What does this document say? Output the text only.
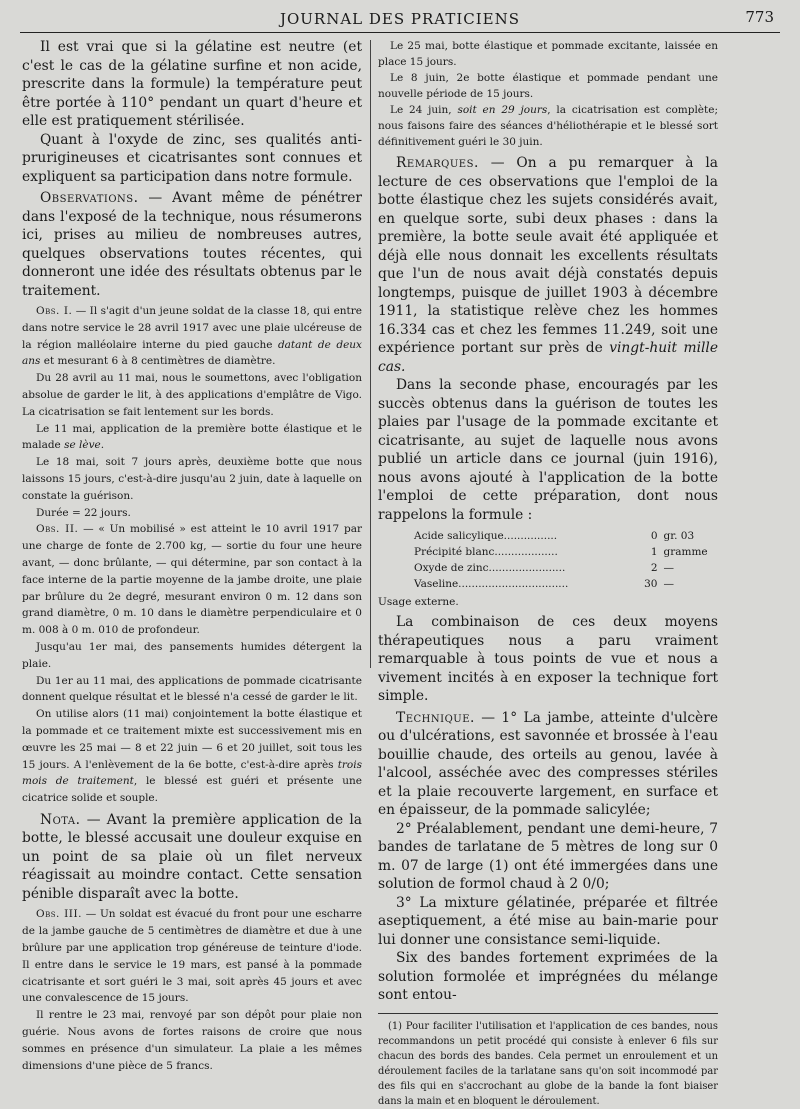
JOURNAL DES PRATICIENS	773

Il est vrai que si la gélatine est neutre (et c'est le cas de la gélatine surfine et non acide, prescrite dans la formule) la température peut être portée à 110° pendant un quart d'heure et elle est pratiquement stérilisée.

Quant à l'oxyde de zinc, ses qualités anti-prurigineuses et cicatrisantes sont connues et expliquent sa participation dans notre formule.

Observations. — Avant même de pénétrer dans l'exposé de la technique, nous résumerons ici, prises au milieu de nombreuses autres, quelques observations toutes récentes, qui donneront une idée des résultats obtenus par le traitement.

Obs. I. — Il s'agit d'un jeune soldat de la classe 18, qui entre dans notre service le 28 avril 1917 avec une plaie ulcéreuse de la région malléolaire interne du pied gauche datant de deux ans et mesurant 6 à 8 centimètres de diamètre.

Du 28 avril au 11 mai, nous le soumettons, avec l'obligation absolue de garder le lit, à des applications d'emplâtre de Vigo. La cicatrisation se fait lentement sur les bords.

Le 11 mai, application de la première botte élastique et le malade se lève.

Le 18 mai, soit 7 jours après, deuxième botte que nous laissons 15 jours, c'est-à-dire jusqu'au 2 juin, date à laquelle on constate la guérison.

Durée = 22 jours.

Obs. II. — « Un mobilisé » est atteint le 10 avril 1917 par une charge de fonte de 2.700 kg, — sortie du four une heure avant, — donc brûlante, — qui détermine, par son contact à la face interne de la partie moyenne de la jambe droite, une plaie par brûlure du 2e degré, mesurant environ 0 m. 12 dans son grand diamètre, 0 m. 10 dans le diamètre perpendiculaire et 0 m. 008 à 0 m. 010 de profondeur.

Jusqu'au 1er mai, des pansements humides détergent la plaie.

Du 1er au 11 mai, des applications de pommade cicatrisante donnent quelque résultat et le blessé n'a cessé de garder le lit.

On utilise alors (11 mai) conjointement la botte élastique et la pommade et ce traitement mixte est successivement mis en œuvre les 25 mai — 8 et 22 juin — 6 et 20 juillet, soit tous les 15 jours. A l'enlèvement de la 6e botte, c'est-à-dire après trois mois de traitement, le blessé est guéri et présente une cicatrice solide et souple.

Nota. — Avant la première application de la botte, le blessé accusait une douleur exquise en un point de sa plaie où un filet nerveux réagissait au moindre contact. Cette sensation pénible disparaît avec la botte.

Obs. III. — Un soldat est évacué du front pour une escharre de la jambe gauche de 5 centimètres de diamètre et due à une brûlure par une application trop généreuse de teinture d'iode. Il entre dans le service le 19 mars, est pansé à la pommade cicatrisante et sort guéri le 3 mai, soit après 45 jours et avec une convalescence de 15 jours.

Il rentre le 23 mai, renvoyé par son dépôt pour plaie non guérie. Nous avons de fortes raisons de croire que nous sommes en présence d'un simulateur. La plaie a les mêmes dimensions d'une pièce de 5 francs.

Le 25 mai, botte élastique et pommade excitante, laissée en place 15 jours.

Le 8 juin, 2e botte élastique et pommade pendant une nouvelle période de 15 jours.

Le 24 juin, soit en 29 jours, la cicatrisation est complète; nous faisons faire des séances d'héliothérapie et le blessé sort définitivement guéri le 30 juin.

Remarques. — On a pu remarquer à la lecture de ces observations que l'emploi de la botte élastique chez les sujets considérés avait, en quelque sorte, subi deux phases : dans la première, la botte seule avait été appliquée et déjà elle nous donnait les excellents résultats que l'un de nous avait déjà constatés depuis longtemps, puisque de juillet 1903 à décembre 1911, la statistique relève chez les hommes 16.334 cas et chez les femmes 11.249, soit une expérience portant sur près de vingt-huit mille cas.

Dans la seconde phase, encouragés par les succès obtenus dans la guérison de toutes les plaies par l'usage de la pommade excitante et cicatrisante, au sujet de laquelle nous avons publié un article dans ce journal (juin 1916), nous avons ajouté à l'application de la botte l'emploi de cette préparation, dont nous rappelons la formule :

Acide salicylique................	0 gr. 03
Précipité blanc...................	1 gramme
Oxyde de zinc.......................	2 —
Vaseline.................................	30 —

Usage externe.

La combinaison de ces deux moyens thérapeutiques nous a paru vraiment remarquable à tous points de vue et nous a vivement incités à en exposer la technique fort simple.

Technique. — 1° La jambe, atteinte d'ulcère ou d'ulcérations, est savonnée et brossée à l'eau bouillie chaude, des orteils au genou, lavée à l'alcool, asséchée avec des compresses stériles et la plaie recouverte largement, en surface et en épaisseur, de la pommade salicylée;

2° Préalablement, pendant une demi-heure, 7 bandes de tarlatane de 5 mètres de long sur 0 m. 07 de large (1) ont été immergées dans une solution de formol chaud à 2 0/0;

3° La mixture gélatinée, préparée et filtrée aseptiquement, a été mise au bain-marie pour lui donner une consistance semi-liquide.

Six des bandes fortement exprimées de la solution formolée et imprégnées du mélange sont entou-

(1) Pour faciliter l'utilisation et l'application de ces bandes, nous recommandons un petit procédé qui consiste à enlever 6 fils sur chacun des bords des bandes. Cela permet un enroulement et un déroulement faciles de la tarlatane sans qu'on soit incommodé par des fils qui en s'accrochant au globe de la bande la font biaiser dans la main et en bloquent le déroulement.
